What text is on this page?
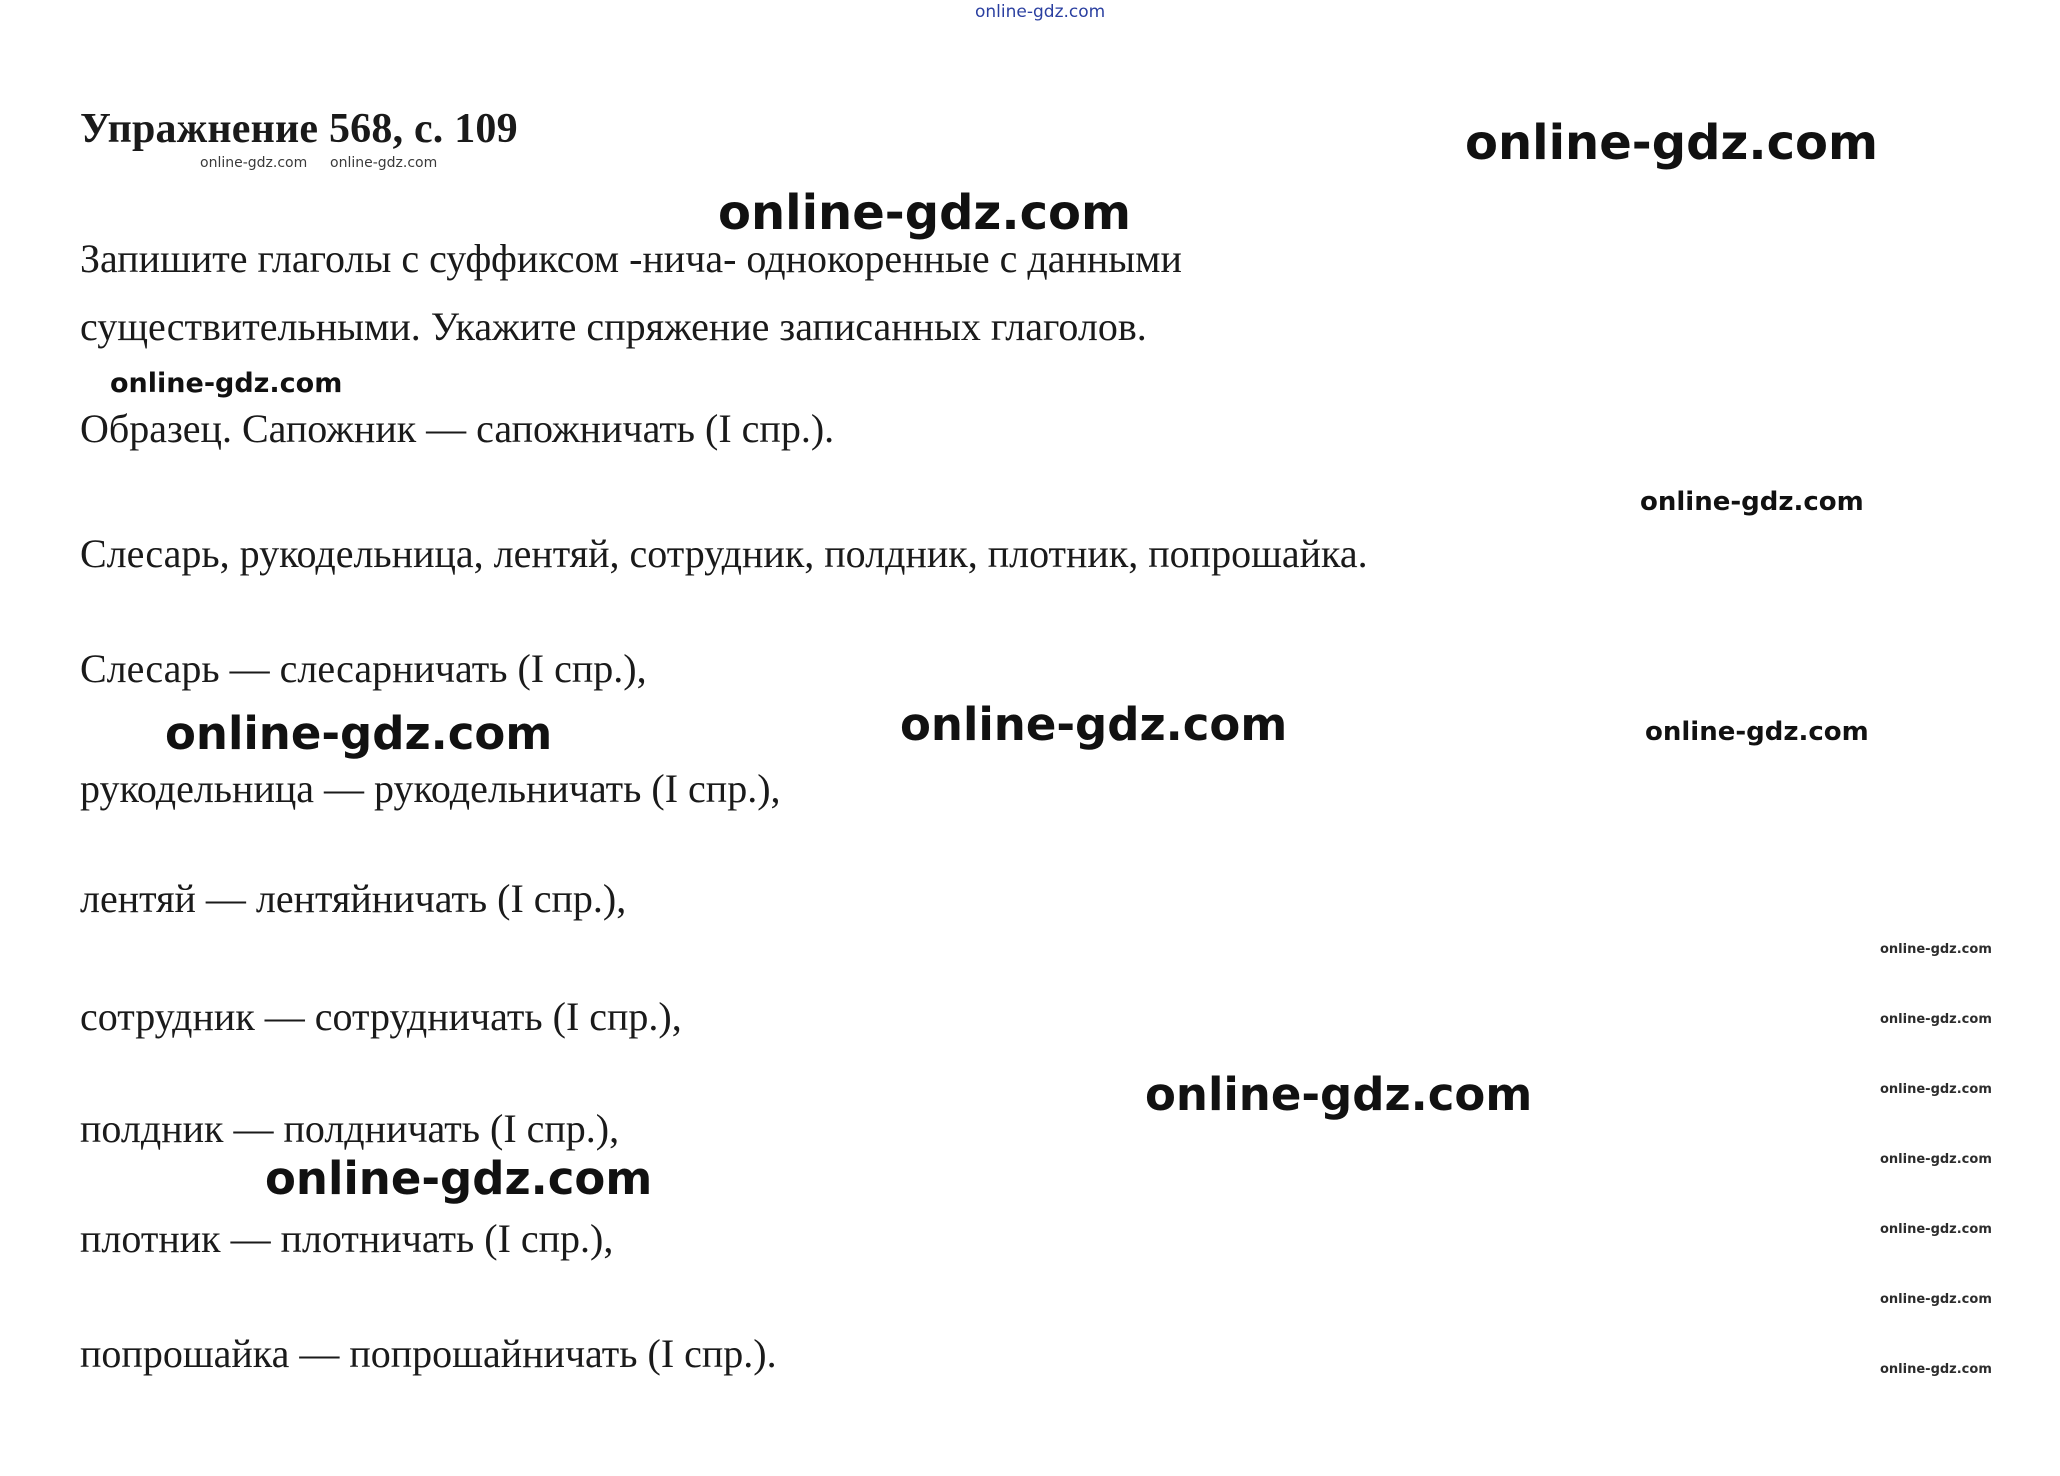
Упражнение 568, с. 109
Запишите глаголы с суффиксом -нича- однокоренные с данными
существительными. Укажите спряжение записанных глаголов.
Образец. Сапожник — сапожничать (I спр.).
Слесарь, рукодельница, лентяй, сотрудник, полдник, плотник, попрошайка.
Слесарь — слесарничать (I спр.),
рукодельница — рукодельничать (I спр.),
лентяй — лентяйничать (I спр.),
сотрудник — сотрудничать (I спр.),
полдник — полдничать (I спр.),
плотник — плотничать (I спр.),
попрошайка — попрошайничать (I спр.).
online-gdz.com
online-gdz.com online-gdz.com	online-gdz.com
online-gdz.com
online-gdz.com
online-gdz.com
online-gdz.com	online-gdz.com	online-gdz.com
online-gdz.com
online-gdz.com
online-gdz.com
online-gdz.com
online-gdz.com
online-gdz.com
online-gdz.com
online-gdz.com
online-gdz.com
